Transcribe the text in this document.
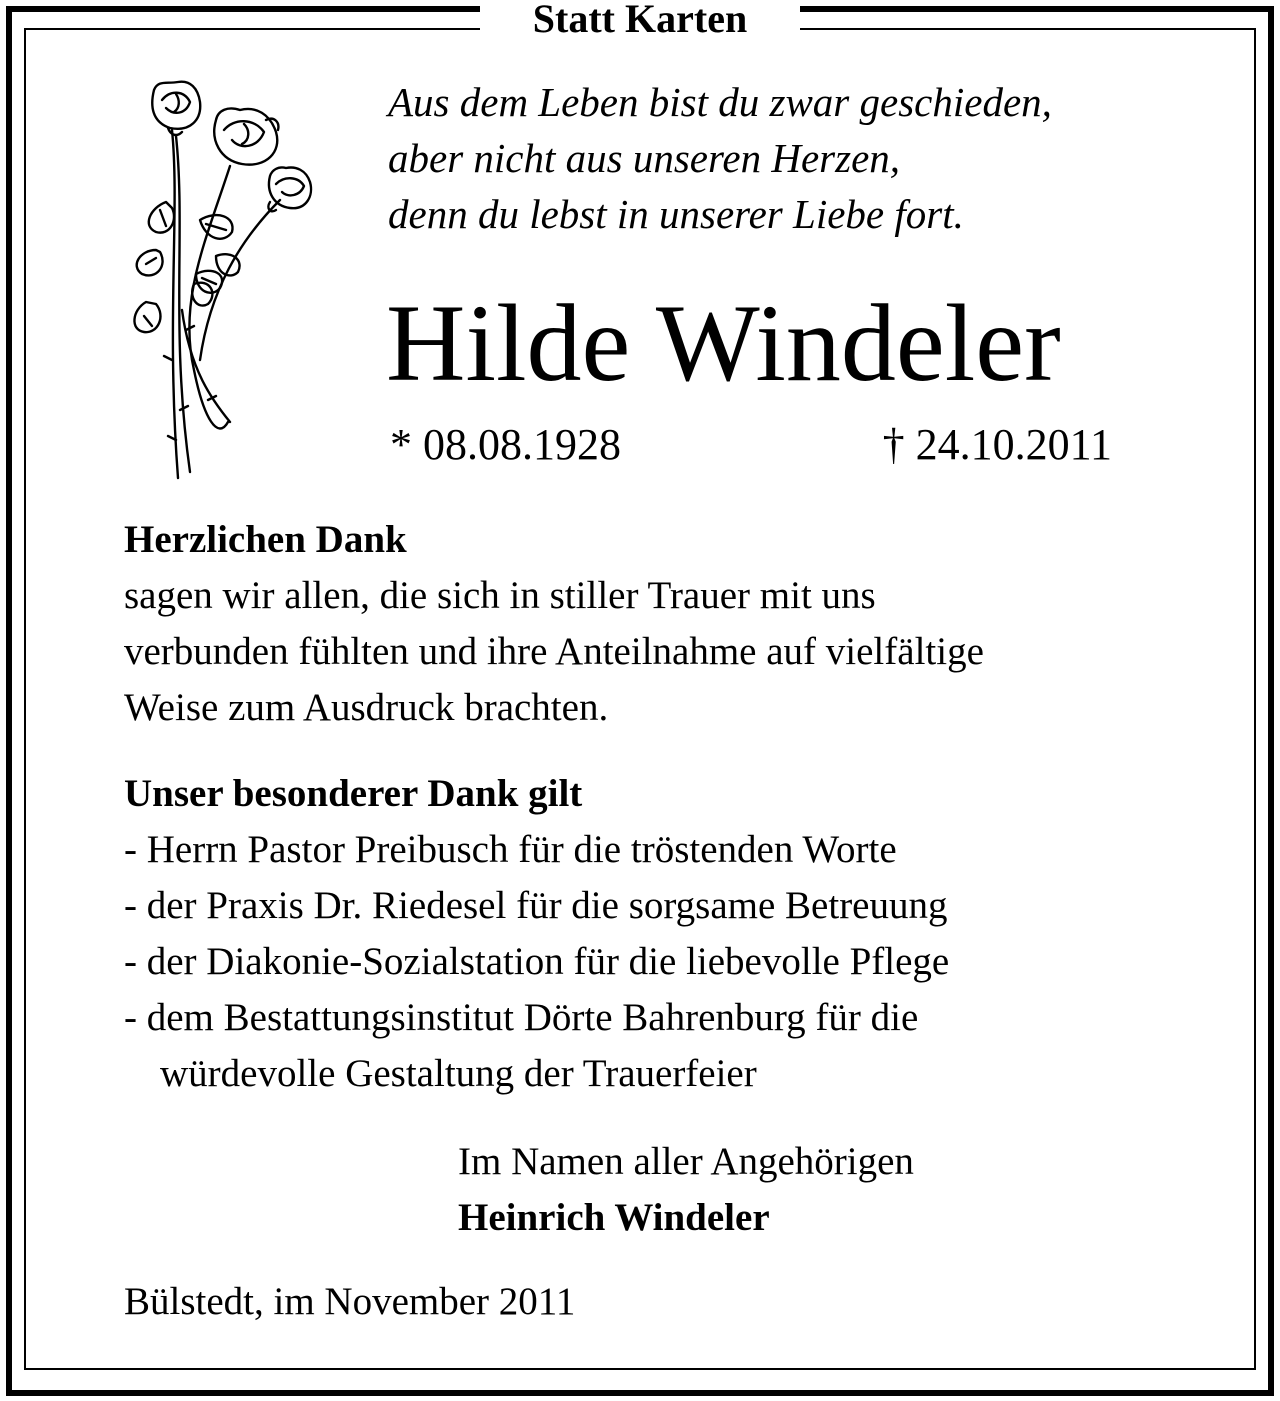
Statt Karten
Aus dem Leben bist du zwar geschieden,
aber nicht aus unseren Herzen,
denn du lebst in unserer Liebe fort.
Hilde Windeler
* 08.08.1928	† 24.10.2011
Herzlichen Dank
sagen wir allen, die sich in stiller Trauer mit uns
verbunden fühlten und ihre Anteilnahme auf vielfältige
Weise zum Ausdruck brachten.
Unser besonderer Dank gilt
- Herrn Pastor Preibusch für die tröstenden Worte
- der Praxis Dr. Riedesel für die sorgsame Betreuung
- der Diakonie-Sozialstation für die liebevolle Pflege
- dem Bestattungsinstitut Dörte Bahrenburg für die
würdevolle Gestaltung der Trauerfeier
Im Namen aller Angehörigen
Heinrich Windeler
Bülstedt, im November 2011
